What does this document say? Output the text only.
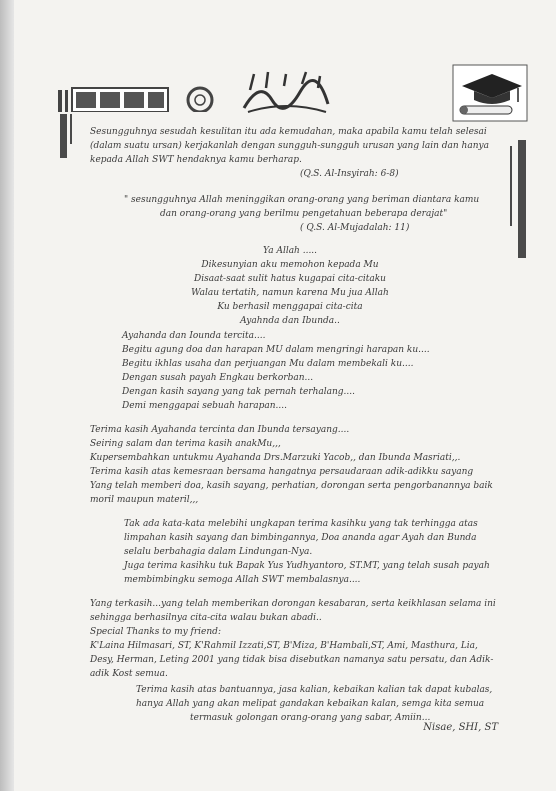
Sesungguhnya sesudah kesulitan itu ada kemudahan, maka apabila kamu telah selesai
(dalam suatu ursan) kerjakanlah dengan sungguh-sungguh urusan yang lain dan hanya
kepada Allah SWT hendaknya kamu berharap.
(Q.S. Al-Insyirah: 6-8)
" sesungguhnya Allah meninggikan orang-orang yang beriman diantara kamu
dan orang-orang yang berilmu pengetahuan beberapa derajat"
( Q.S. Al-Mujadalah: 11)
Ya Allah .....
Dikesunyian aku memohon kepada Mu
Disaat-saat sulit hatus kugapai cita-citaku
Walau tertatih, namun karena Mu jua Allah
Ku berhasil menggapai cita-cita
Ayahnda dan Ibunda..
Ayahanda dan Iounda tercita....
Begitu agung doa dan harapan MU dalam mengringi harapan ku....
Begitu ikhlas usaha dan perjuangan Mu dalam membekali ku....
Dengan susah payah Engkau berkorban...
Dengan kasih sayang yang tak pernah terhalang....
Demi menggapai sebuah harapan....
Terima kasih Ayahanda tercinta dan Ibunda tersayang....
Seiring salam dan terima kasih anakMu,,,
Kupersembahkan untukmu Ayahanda Drs.Marzuki Yacob,, dan Ibunda Masriati,,.
Terima kasih atas kemesraan bersama hangatnya persaudaraan adik-adikku sayang
Yang telah memberi doa, kasih sayang, perhatian, dorongan serta pengorbanannya baik
moril maupun materil,,,
Tak ada kata-kata melebihi ungkapan terima kasihku yang tak terhingga atas
limpahan kasih sayang dan bimbingannya, Doa ananda agar Ayah dan Bunda
selalu berbahagia dalam Lindungan-Nya.
Juga terima kasihku tuk Bapak Yus Yudhyantoro, ST.MT, yang telah susah payah
membimbingku semoga Allah SWT membalasnya....
Yang terkasih...yang telah memberikan dorongan kesabaran, serta keikhlasan selama ini
sehingga berhasilnya cita-cita walau bukan abadi..
Special Thanks to my friend:
K'Laina Hilmasari, ST, K'Rahmil Izzati,ST, B'Miza, B'Hambali,ST, Ami, Masthura, Lia,
Desy, Herman, Leting 2001 yang tidak bisa disebutkan namanya satu persatu, dan Adik-
adik Kost semua.
Terima kasih atas bantuannya, jasa kalian, kebaikan kalian tak dapat kubalas,
hanya Allah yang akan melipat gandakan kebaikan kalan, semga kita semua
termasuk golongan orang-orang yang sabar, Amiin...
Nisae, SHI, ST
